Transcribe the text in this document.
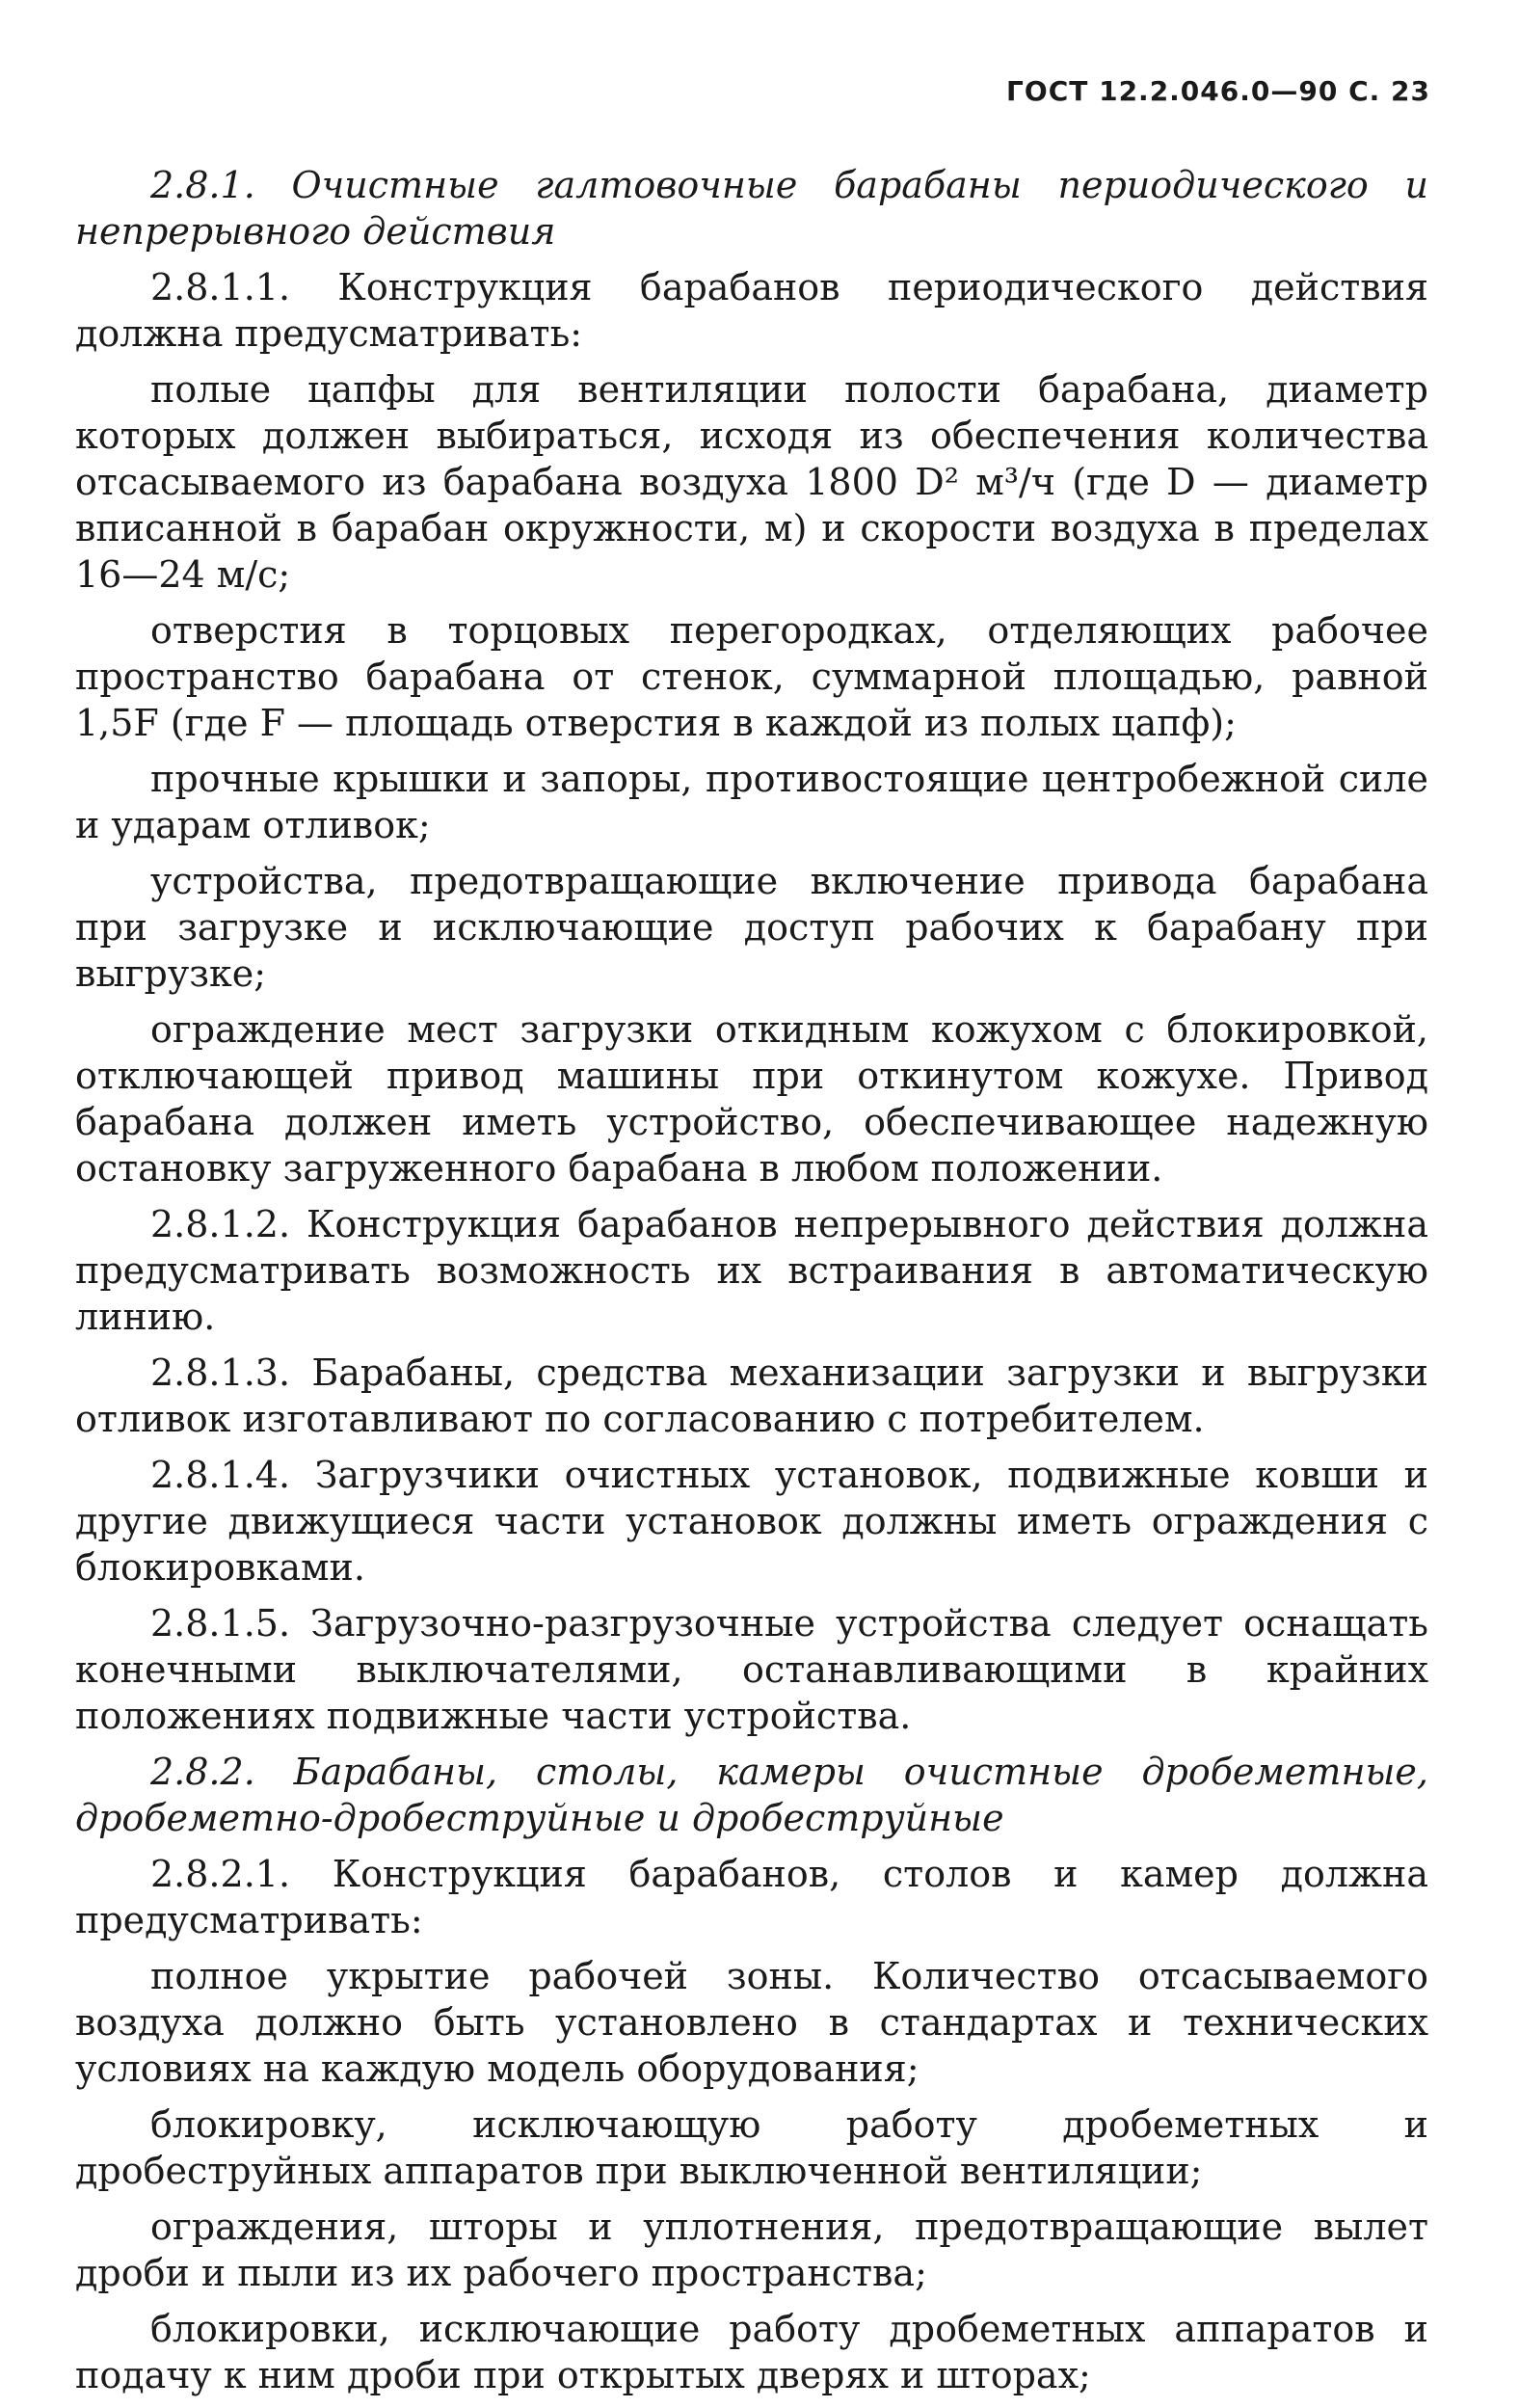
ГОСТ 12.2.046.0—90 С. 23

2.8.1. Очистные галтовочные барабаны периодического и непрерывного действия

2.8.1.1. Конструкция барабанов периодического действия должна предусматривать:

полые цапфы для вентиляции полости барабана, диаметр которых должен выбираться, исходя из обеспечения количества отсасываемого из барабана воздуха 1800 D² м³/ч (где D — диаметр вписанной в барабан окружности, м) и скорости воздуха в пределах 16—24 м/с;

отверстия в торцовых перегородках, отделяющих рабочее пространство барабана от стенок, суммарной площадью, равной 1,5F (где F — площадь отверстия в каждой из полых цапф);

прочные крышки и запоры, противостоящие центробежной силе и ударам отливок;

устройства, предотвращающие включение привода барабана при загрузке и исключающие доступ рабочих к барабану при выгрузке;

ограждение мест загрузки откидным кожухом с блокировкой, отключающей привод машины при откинутом кожухе. Привод барабана должен иметь устройство, обеспечивающее надежную остановку загруженного барабана в любом положении.

2.8.1.2. Конструкция барабанов непрерывного действия должна предусматривать возможность их встраивания в автоматическую линию.

2.8.1.3. Барабаны, средства механизации загрузки и выгрузки отливок изготавливают по согласованию с потребителем.

2.8.1.4. Загрузчики очистных установок, подвижные ковши и другие движущиеся части установок должны иметь ограждения с блокировками.

2.8.1.5. Загрузочно-разгрузочные устройства следует оснащать конечными выключателями, останавливающими в крайних положениях подвижные части устройства.

2.8.2. Барабаны, столы, камеры очистные дробеметные, дробеметно-дробеструйные и дробеструйные

2.8.2.1. Конструкция барабанов, столов и камер должна предусматривать:

полное укрытие рабочей зоны. Количество отсасываемого воздуха должно быть установлено в стандартах и технических условиях на каждую модель оборудования;

блокировку, исключающую работу дробеметных и дробеструйных аппаратов при выключенной вентиляции;

ограждения, шторы и уплотнения, предотвращающие вылет дроби и пыли из их рабочего пространства;

блокировки, исключающие работу дробеметных аппаратов и подачу к ним дроби при открытых дверях и шторах;
